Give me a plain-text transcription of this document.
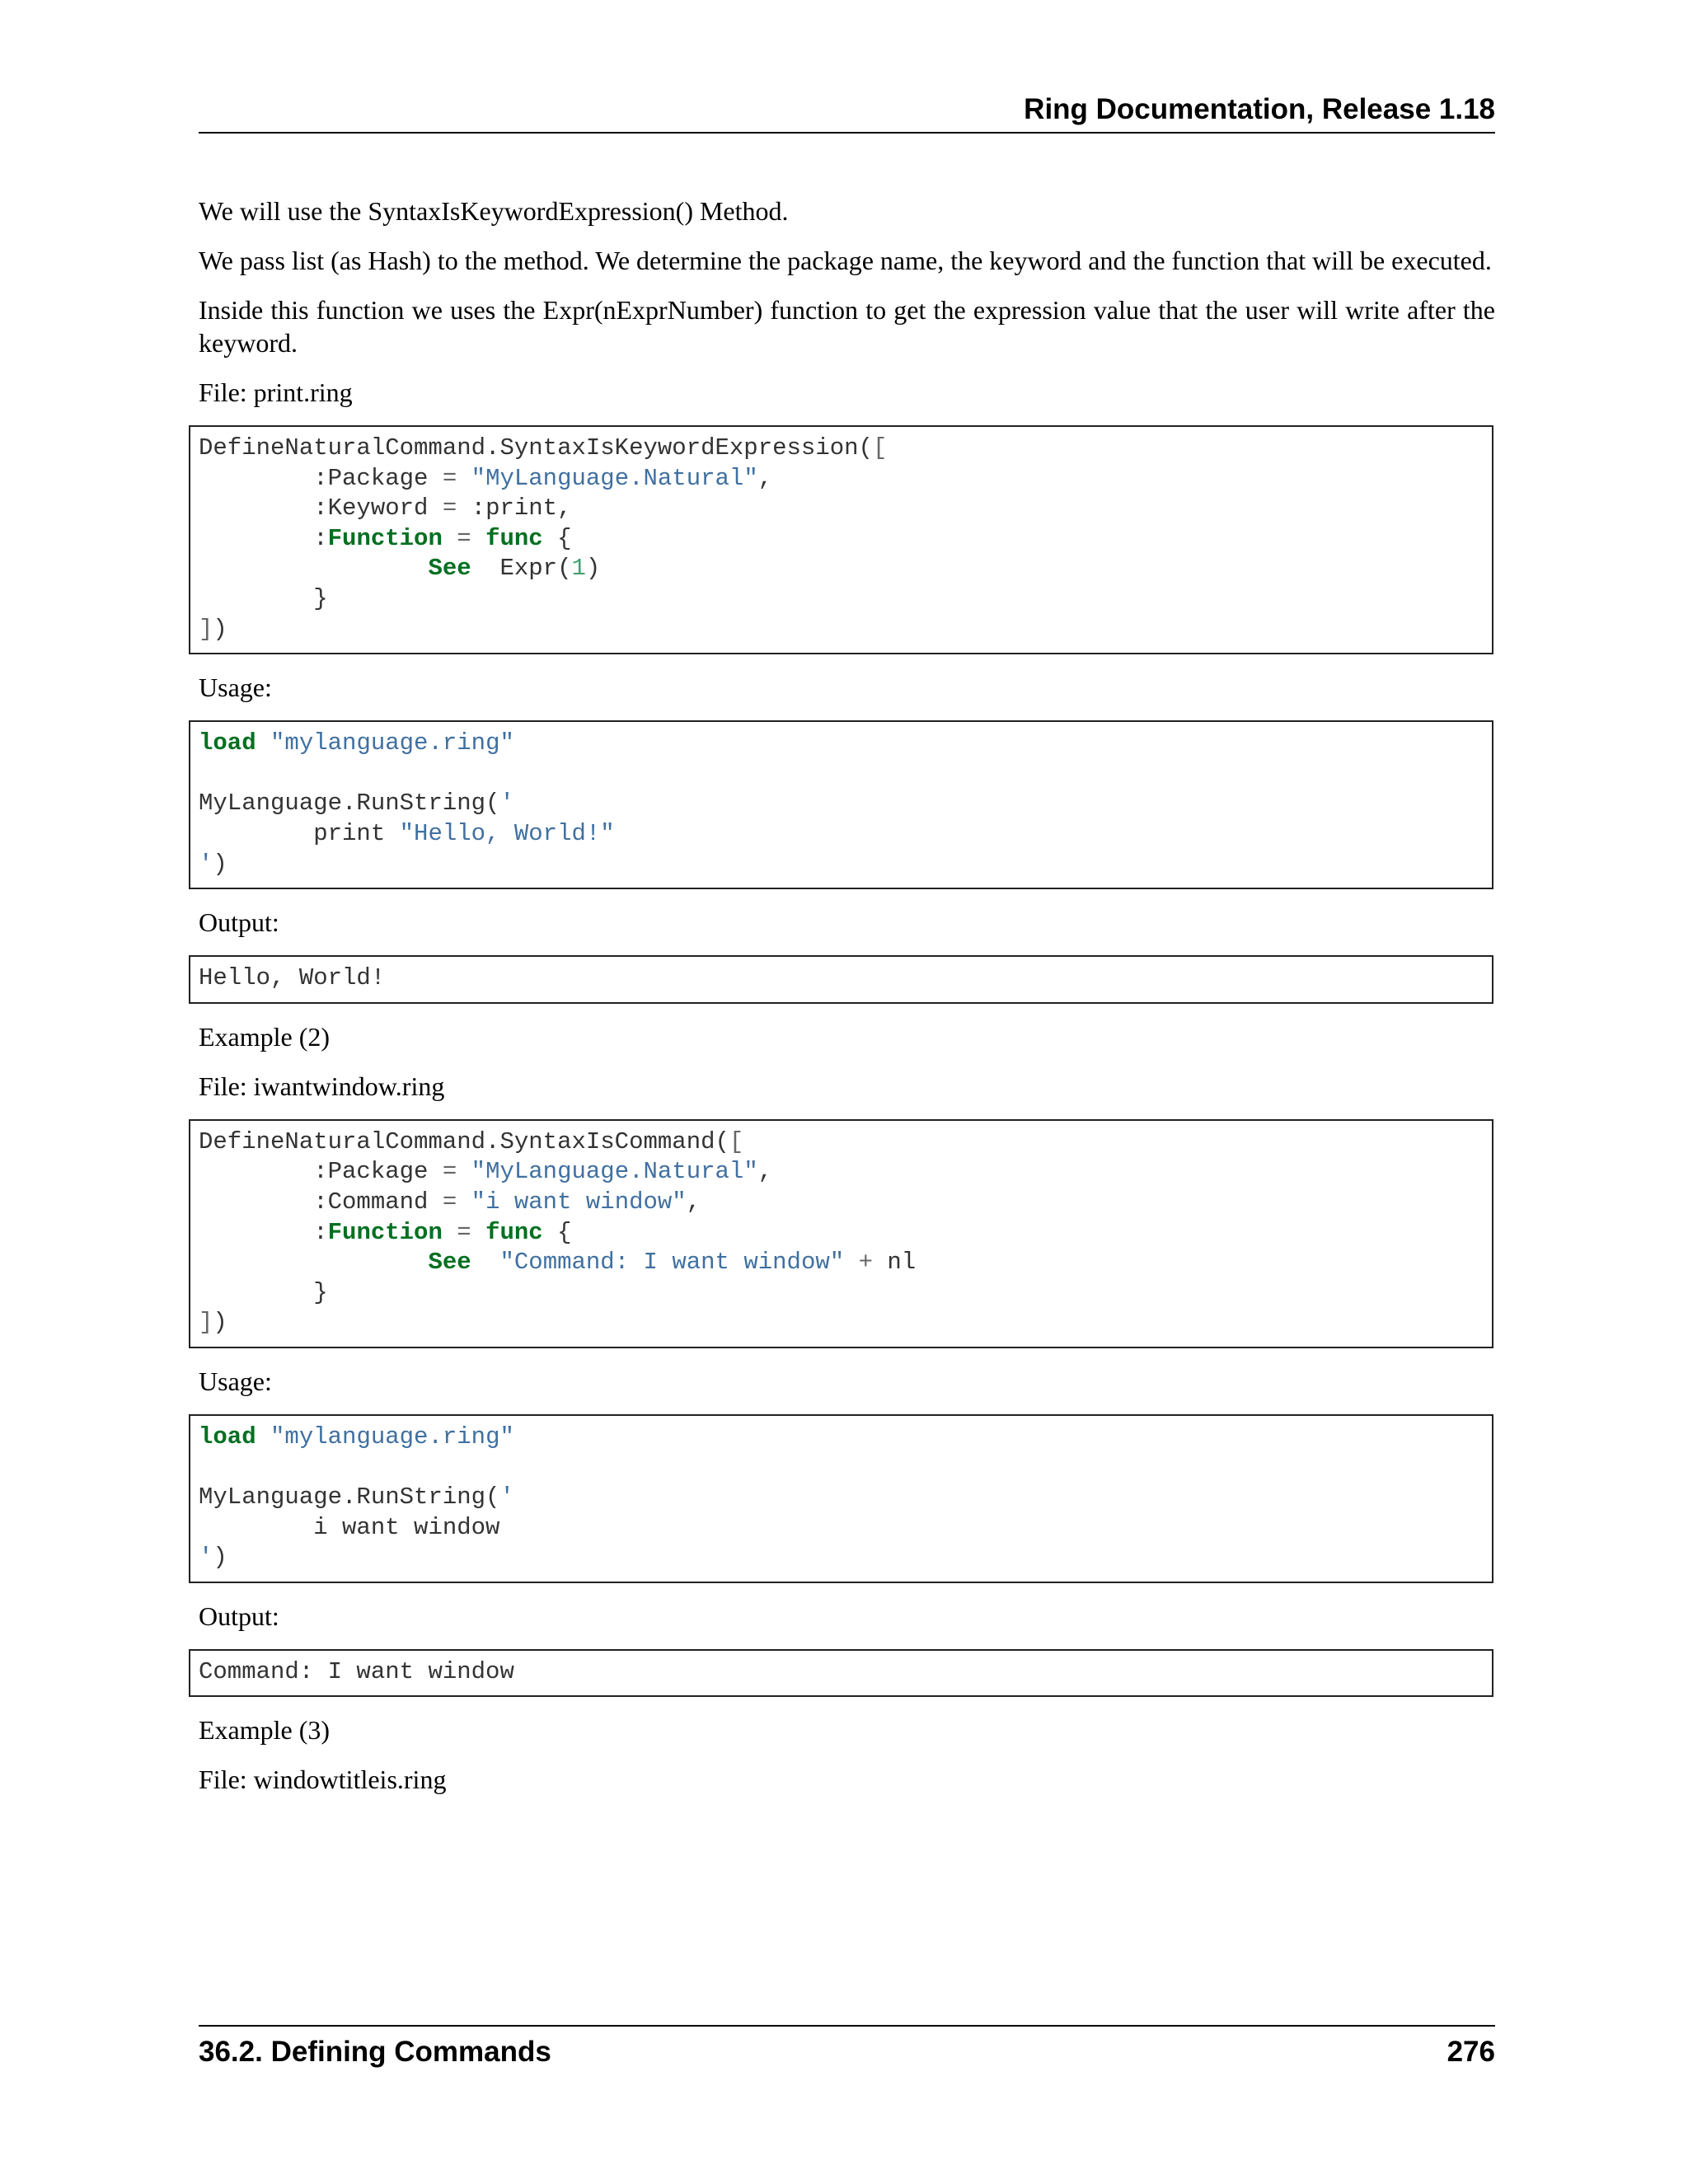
Ring Documentation, Release 1.18

We will use the SyntaxIsKeywordExpression() Method.

We pass list (as Hash) to the method. We determine the package name, the keyword and the function that will be executed.

Inside this function we uses the Expr(nExprNumber) function to get the expression value that the user will write after the keyword.

File: print.ring

DefineNaturalCommand.SyntaxIsKeywordExpression([
:Package = "MyLanguage.Natural",
:Keyword = :print,
:Function = func {
See  Expr(1)
}
])

Usage:

load "mylanguage.ring"

MyLanguage.RunString('
print "Hello, World!"
')

Output:

Hello, World!

Example (2)

File: iwantwindow.ring

DefineNaturalCommand.SyntaxIsCommand([
:Package = "MyLanguage.Natural",
:Command = "i want window",
:Function = func {
See "Command: I want window" + nl
}
])

Usage:

load "mylanguage.ring"

MyLanguage.RunString('
i want window
')

Output:

Command: I want window

Example (3)

File: windowtitleis.ring

36.2. Defining Commands	276
